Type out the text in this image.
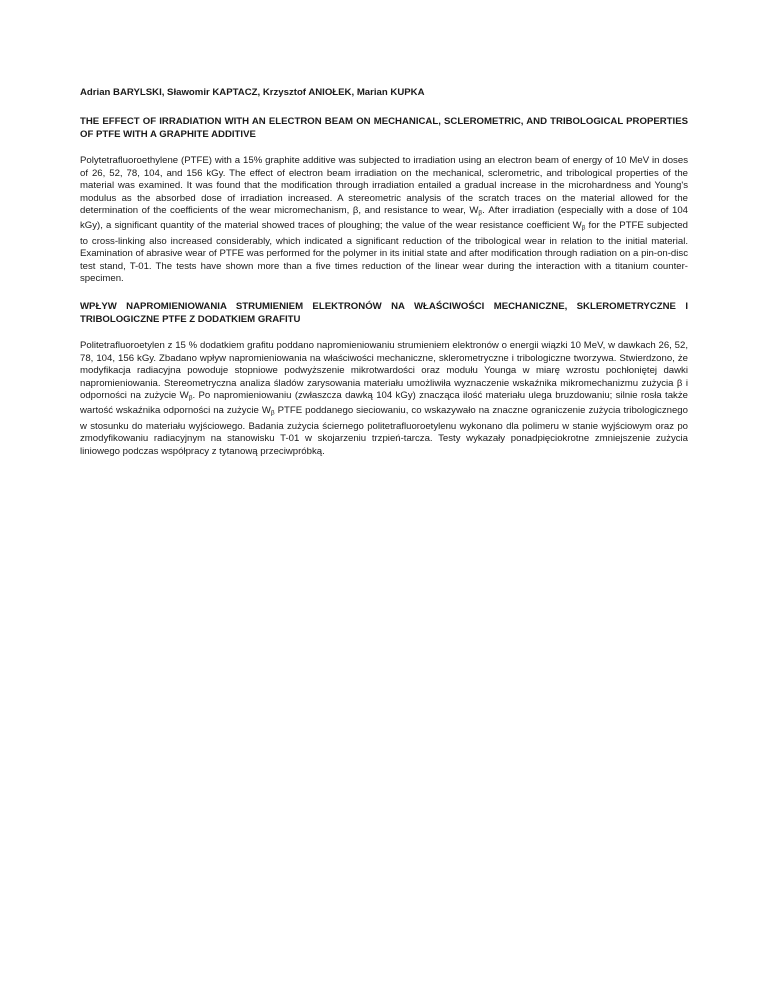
Adrian BARYLSKI, Sławomir KAPTACZ, Krzysztof ANIOŁEK, Marian KUPKA

THE EFFECT OF IRRADIATION WITH AN ELECTRON BEAM ON MECHANICAL, SCLEROMETRIC, AND TRIBOLOGICAL PROPERTIES OF PTFE WITH A GRAPHITE ADDITIVE

Polytetrafluoroethylene (PTFE) with a 15% graphite additive was subjected to irradiation using an electron beam of energy of 10 MeV in doses of 26, 52, 78, 104, and 156 kGy. The effect of electron beam irradiation on the mechanical, sclerometric, and tribological properties of the material was examined. It was found that the modification through irradiation entailed a gradual increase in the microhardness and Young's modulus as the absorbed dose of irradiation increased. A stereometric analysis of the scratch traces on the material allowed for the determination of the coefficients of the wear micromechanism, β, and resistance to wear, $W_\beta$. After irradiation (especially with a dose of 104 kGy), a significant quantity of the material showed traces of ploughing; the value of the wear resistance coefficient $W_\beta$ for the PTFE subjected to cross-linking also increased considerably, which indicated a significant reduction of the tribological wear in relation to the initial material. Examination of abrasive wear of PTFE was performed for the polymer in its initial state and after modification through radiation on a pin-on-disc test stand, T-01. The tests have shown more than a five times reduction of the linear wear during the interaction with a titanium counter-specimen.

WPŁYW NAPROMIENIOWANIA STRUMIENIEM ELEKTRONÓW NA WŁAŚCIWOŚCI MECHANICZNE, SKLEROMETRYCZNE I TRIBOLOGICZNE PTFE Z DODATKIEM GRAFITU

Politetrafluoroetylen z 15 % dodatkiem grafitu poddano napromieniowaniu strumieniem elektronów o energii wiązki 10 MeV, w dawkach 26, 52, 78, 104, 156 kGy. Zbadano wpływ napromieniowania na właściwości mechaniczne, sklerometryczne i tribologiczne tworzywa. Stwierdzono, że modyfikacja radiacyjna powoduje stopniowe podwyższenie mikrotwardości oraz modułu Younga w miarę wzrostu pochłoniętej dawki napromieniowania. Stereometryczna analiza śladów zarysowania materiału umożliwiła wyznaczenie wskaźnika mikromechanizmu zużycia β i odporności na zużycie $W_\beta$. Po napromieniowaniu (zwłaszcza dawką 104 kGy) znacząca ilość materiału ulega bruzdowaniu; silnie rosła także wartość wskaźnika odporności na zużycie $W_\beta$ PTFE poddanego sieciowaniu, co wskazywało na znaczne ograniczenie zużycia tribologicznego w stosunku do materiału wyjściowego. Badania zużycia ściernego politetrafluoroetylenu wykonano dla polimeru w stanie wyjściowym oraz po zmodyfikowaniu radiacyjnym na stanowisku T-01 w skojarzeniu trzpień-tarcza. Testy wykazały ponadpięciokrotne zmniejszenie zużycia liniowego podczas współpracy z tytanową przeciwpróbką.
